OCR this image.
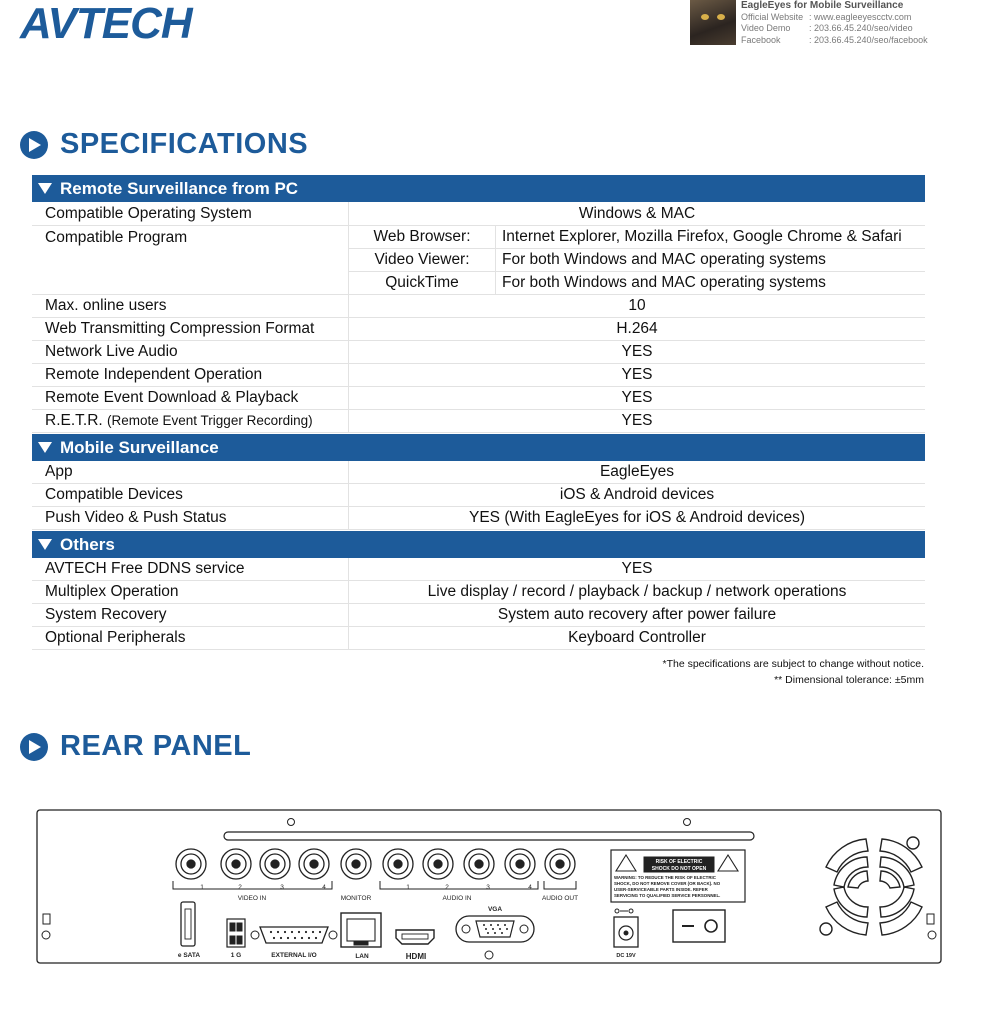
AVTECH	EagleEyes for Mobile Surveillance
Official Website : www.eagleeyescctv.com
Video Demo	: 203.66.45.240/seo/video
Facebook	: 203.66.45.240/seo/facebook
SPECIFICATIONS
Remote Surveillance from PC
Compatible Operating System	Windows & MAC
Compatible Program	Web Browser:	Internet Explorer, Mozilla Firefox, Google Chrome & Safari
Video Viewer:	For both Windows and MAC operating systems
QuickTime	For both Windows and MAC operating systems
Max. online users	10
Web Transmitting Compression Format	H.264
Network Live Audio	YES
Remote Independent Operation	YES
Remote Event Download & Playback	YES
R.E.T.R. (Remote Event Trigger Recording)	YES
Mobile Surveillance
App	EagleEyes
Compatible Devices	iOS & Android devices
Push Video & Push Status	YES (With EagleEyes for iOS & Android devices)
Others
AVTECH Free DDNS service	YES
Multiplex Operation	Live display / record / playback / backup / network operations
System Recovery	System auto recovery after power failure
Optional Peripherals	Keyboard Controller
*The specifications are subject to change without notice.
** Dimensional tolerance: ±5mm
REAR PANEL
1	2	3	4	1	2	3	4
VIDEO IN	MONITOR	AUDIO IN	AUDIO OUT
e SATA	1 G	EXTERNAL I/O	LAN	HDMI
VGA
RISK OF ELECTRIC
SHOCK DO NOT OPEN
WARNING: TO REDUCE THE RISK OF ELECTRIC
SHOCK, DO NOT REMOVE COVER (OR BACK). NO
USER-SERVICEABLE PARTS INSIDE. REFER
SERVICING TO QUALIFIED SERVICE PERSONNEL.
DC 19V
